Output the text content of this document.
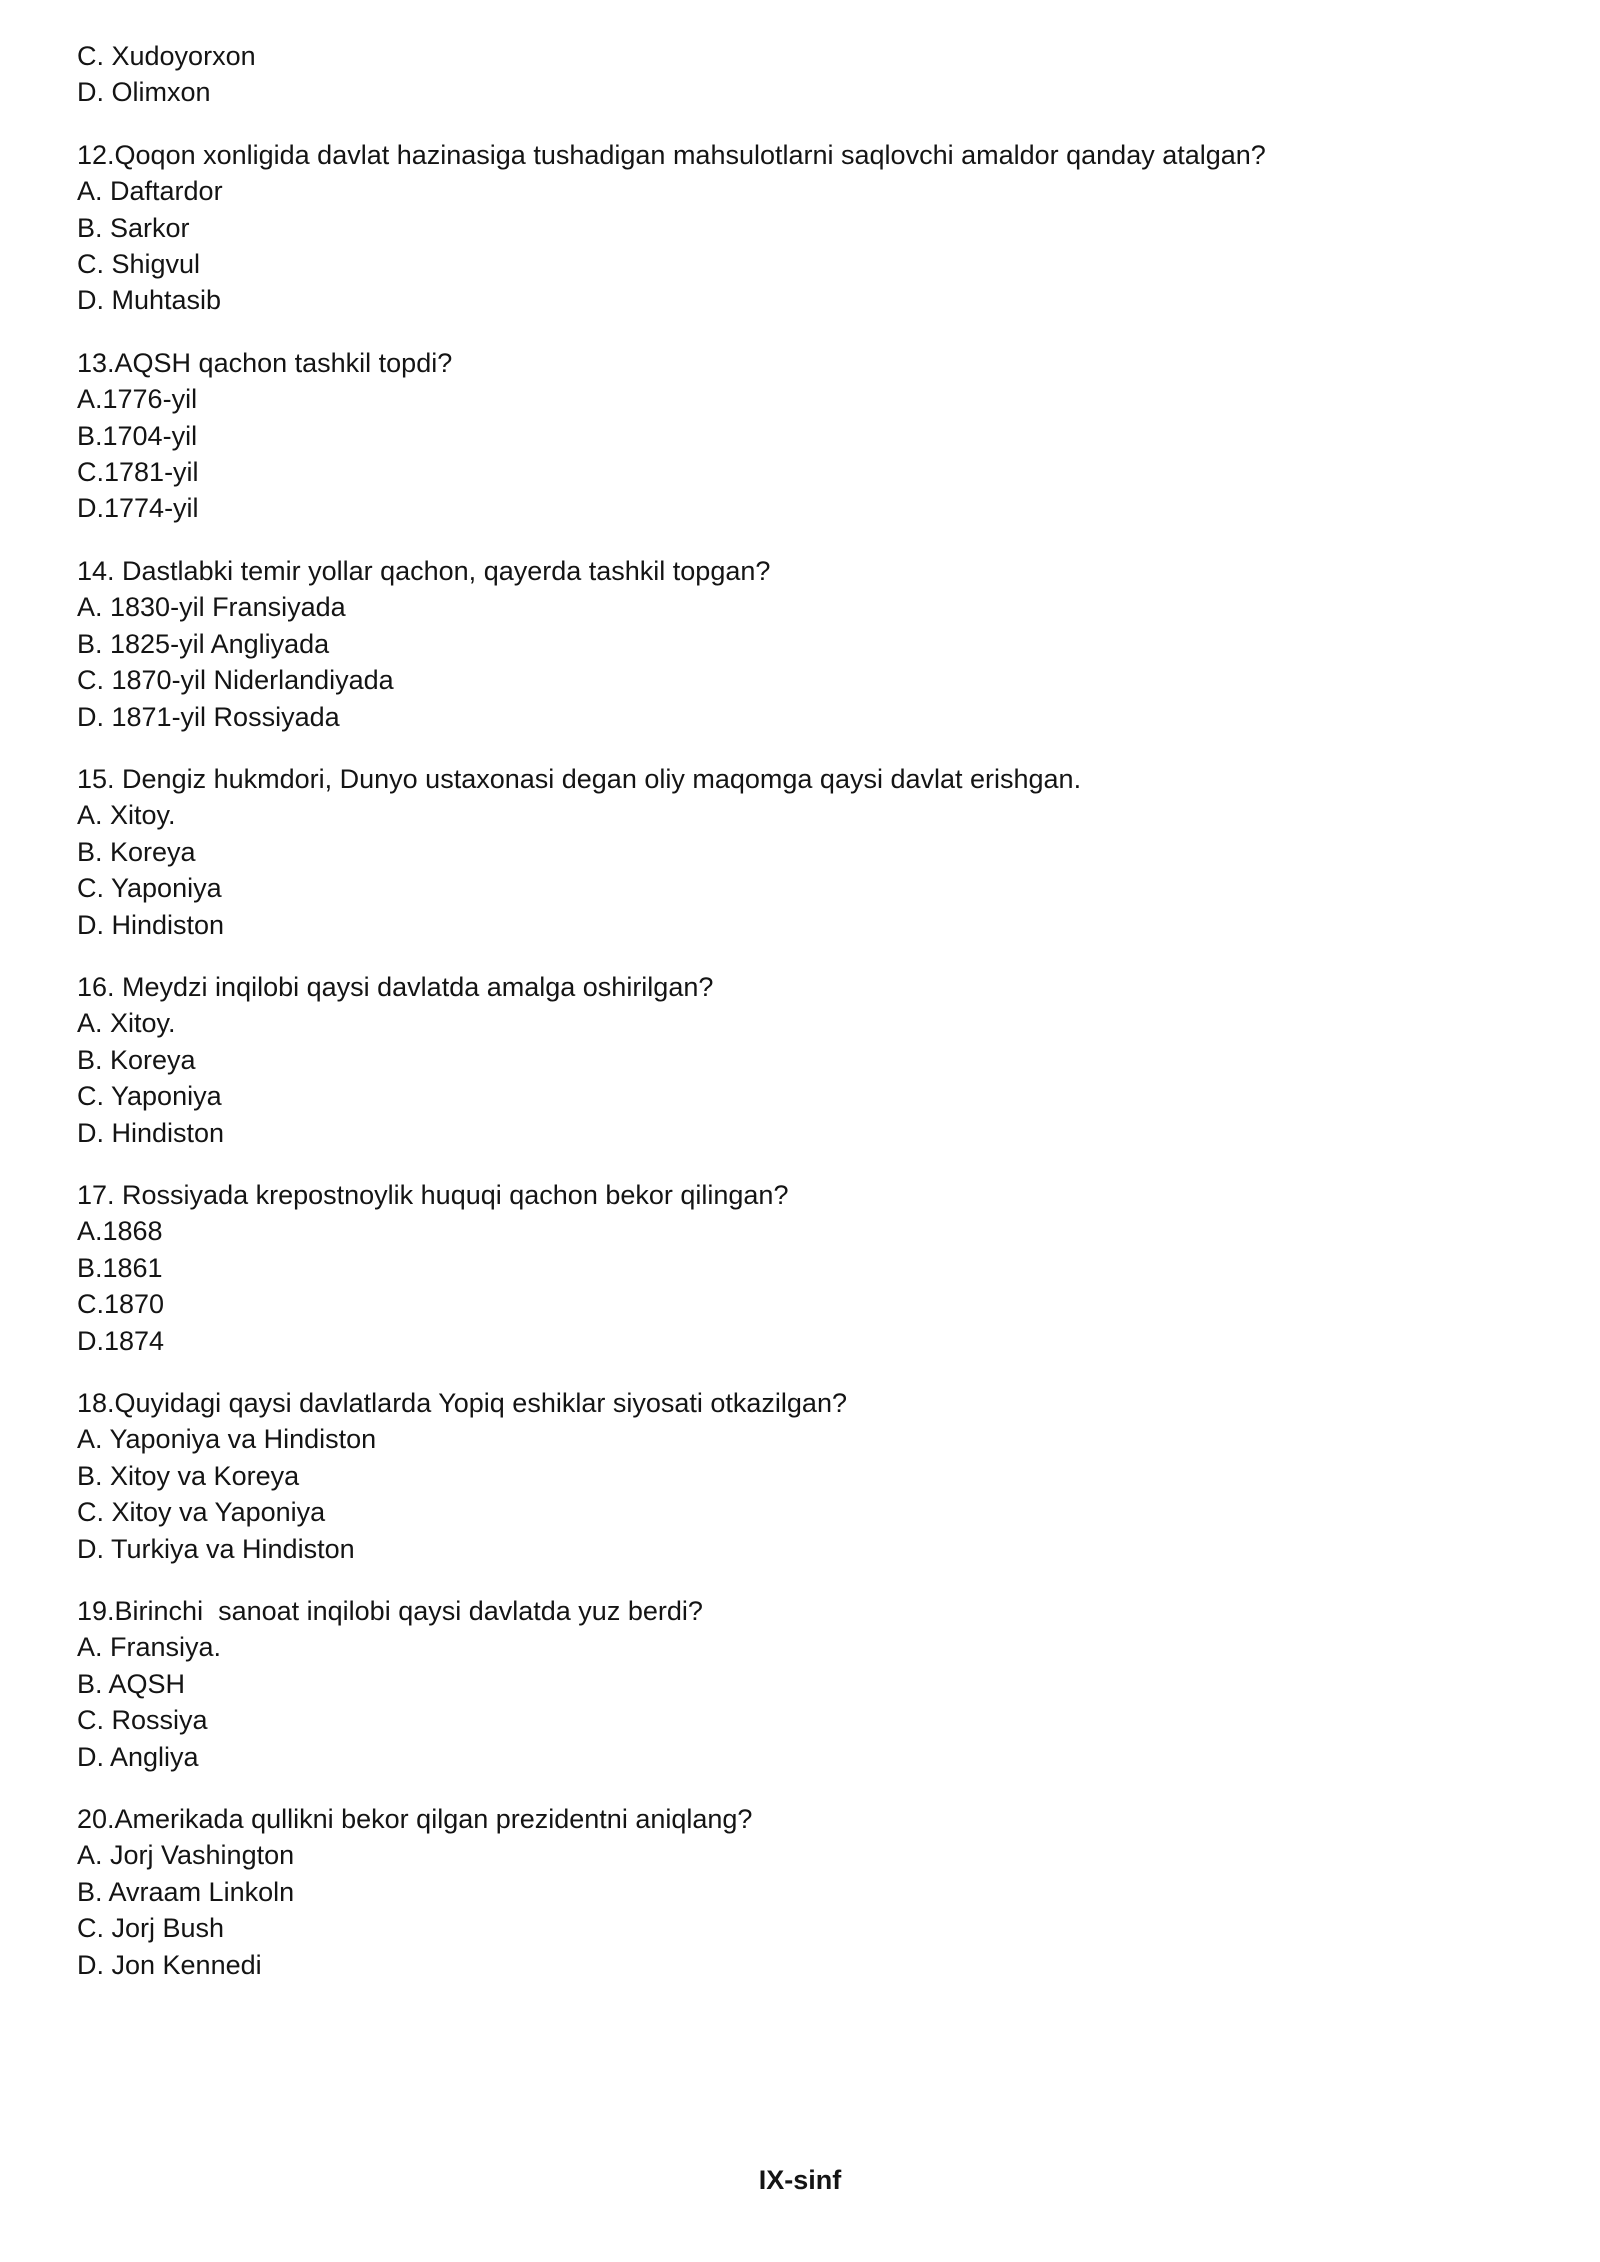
C. Xudoyorxon
D. Olimxon
12.Qoqon xonligida davlat hazinasiga tushadigan mahsulotlarni saqlovchi amaldor qanday atalgan?
A. Daftardor
B. Sarkor
C. Shigvul
D. Muhtasib
13.AQSH qachon tashkil topdi?
A.1776-yil
B.1704-yil
C.1781-yil
D.1774-yil
14. Dastlabki temir yollar qachon, qayerda tashkil topgan?
A. 1830-yil Fransiyada
B. 1825-yil Angliyada
C. 1870-yil Niderlandiyada
D. 1871-yil Rossiyada
15. Dengiz hukmdori, Dunyo ustaxonasi degan oliy maqomga qaysi davlat erishgan.
A. Xitoy.
B. Koreya
C. Yaponiya
D. Hindiston
16. Meydzi inqilobi qaysi davlatda amalga oshirilgan?
A. Xitoy.
B. Koreya
C. Yaponiya
D. Hindiston
17. Rossiyada krepostnoylik huquqi qachon bekor qilingan?
A.1868
B.1861
C.1870
D.1874
18.Quyidagi qaysi davlatlarda Yopiq eshiklar siyosati otkazilgan?
A. Yaponiya va Hindiston
B. Xitoy va Koreya
C. Xitoy va Yaponiya
D. Turkiya va Hindiston
19.Birinchi  sanoat inqilobi qaysi davlatda yuz berdi?
A. Fransiya.
B. AQSH
C. Rossiya
D. Angliya
20.Amerikada qullikni bekor qilgan prezidentni aniqlang?
A. Jorj Vashington
B. Avraam Linkoln
C. Jorj Bush
D. Jon Kennedi
IX-sinf
